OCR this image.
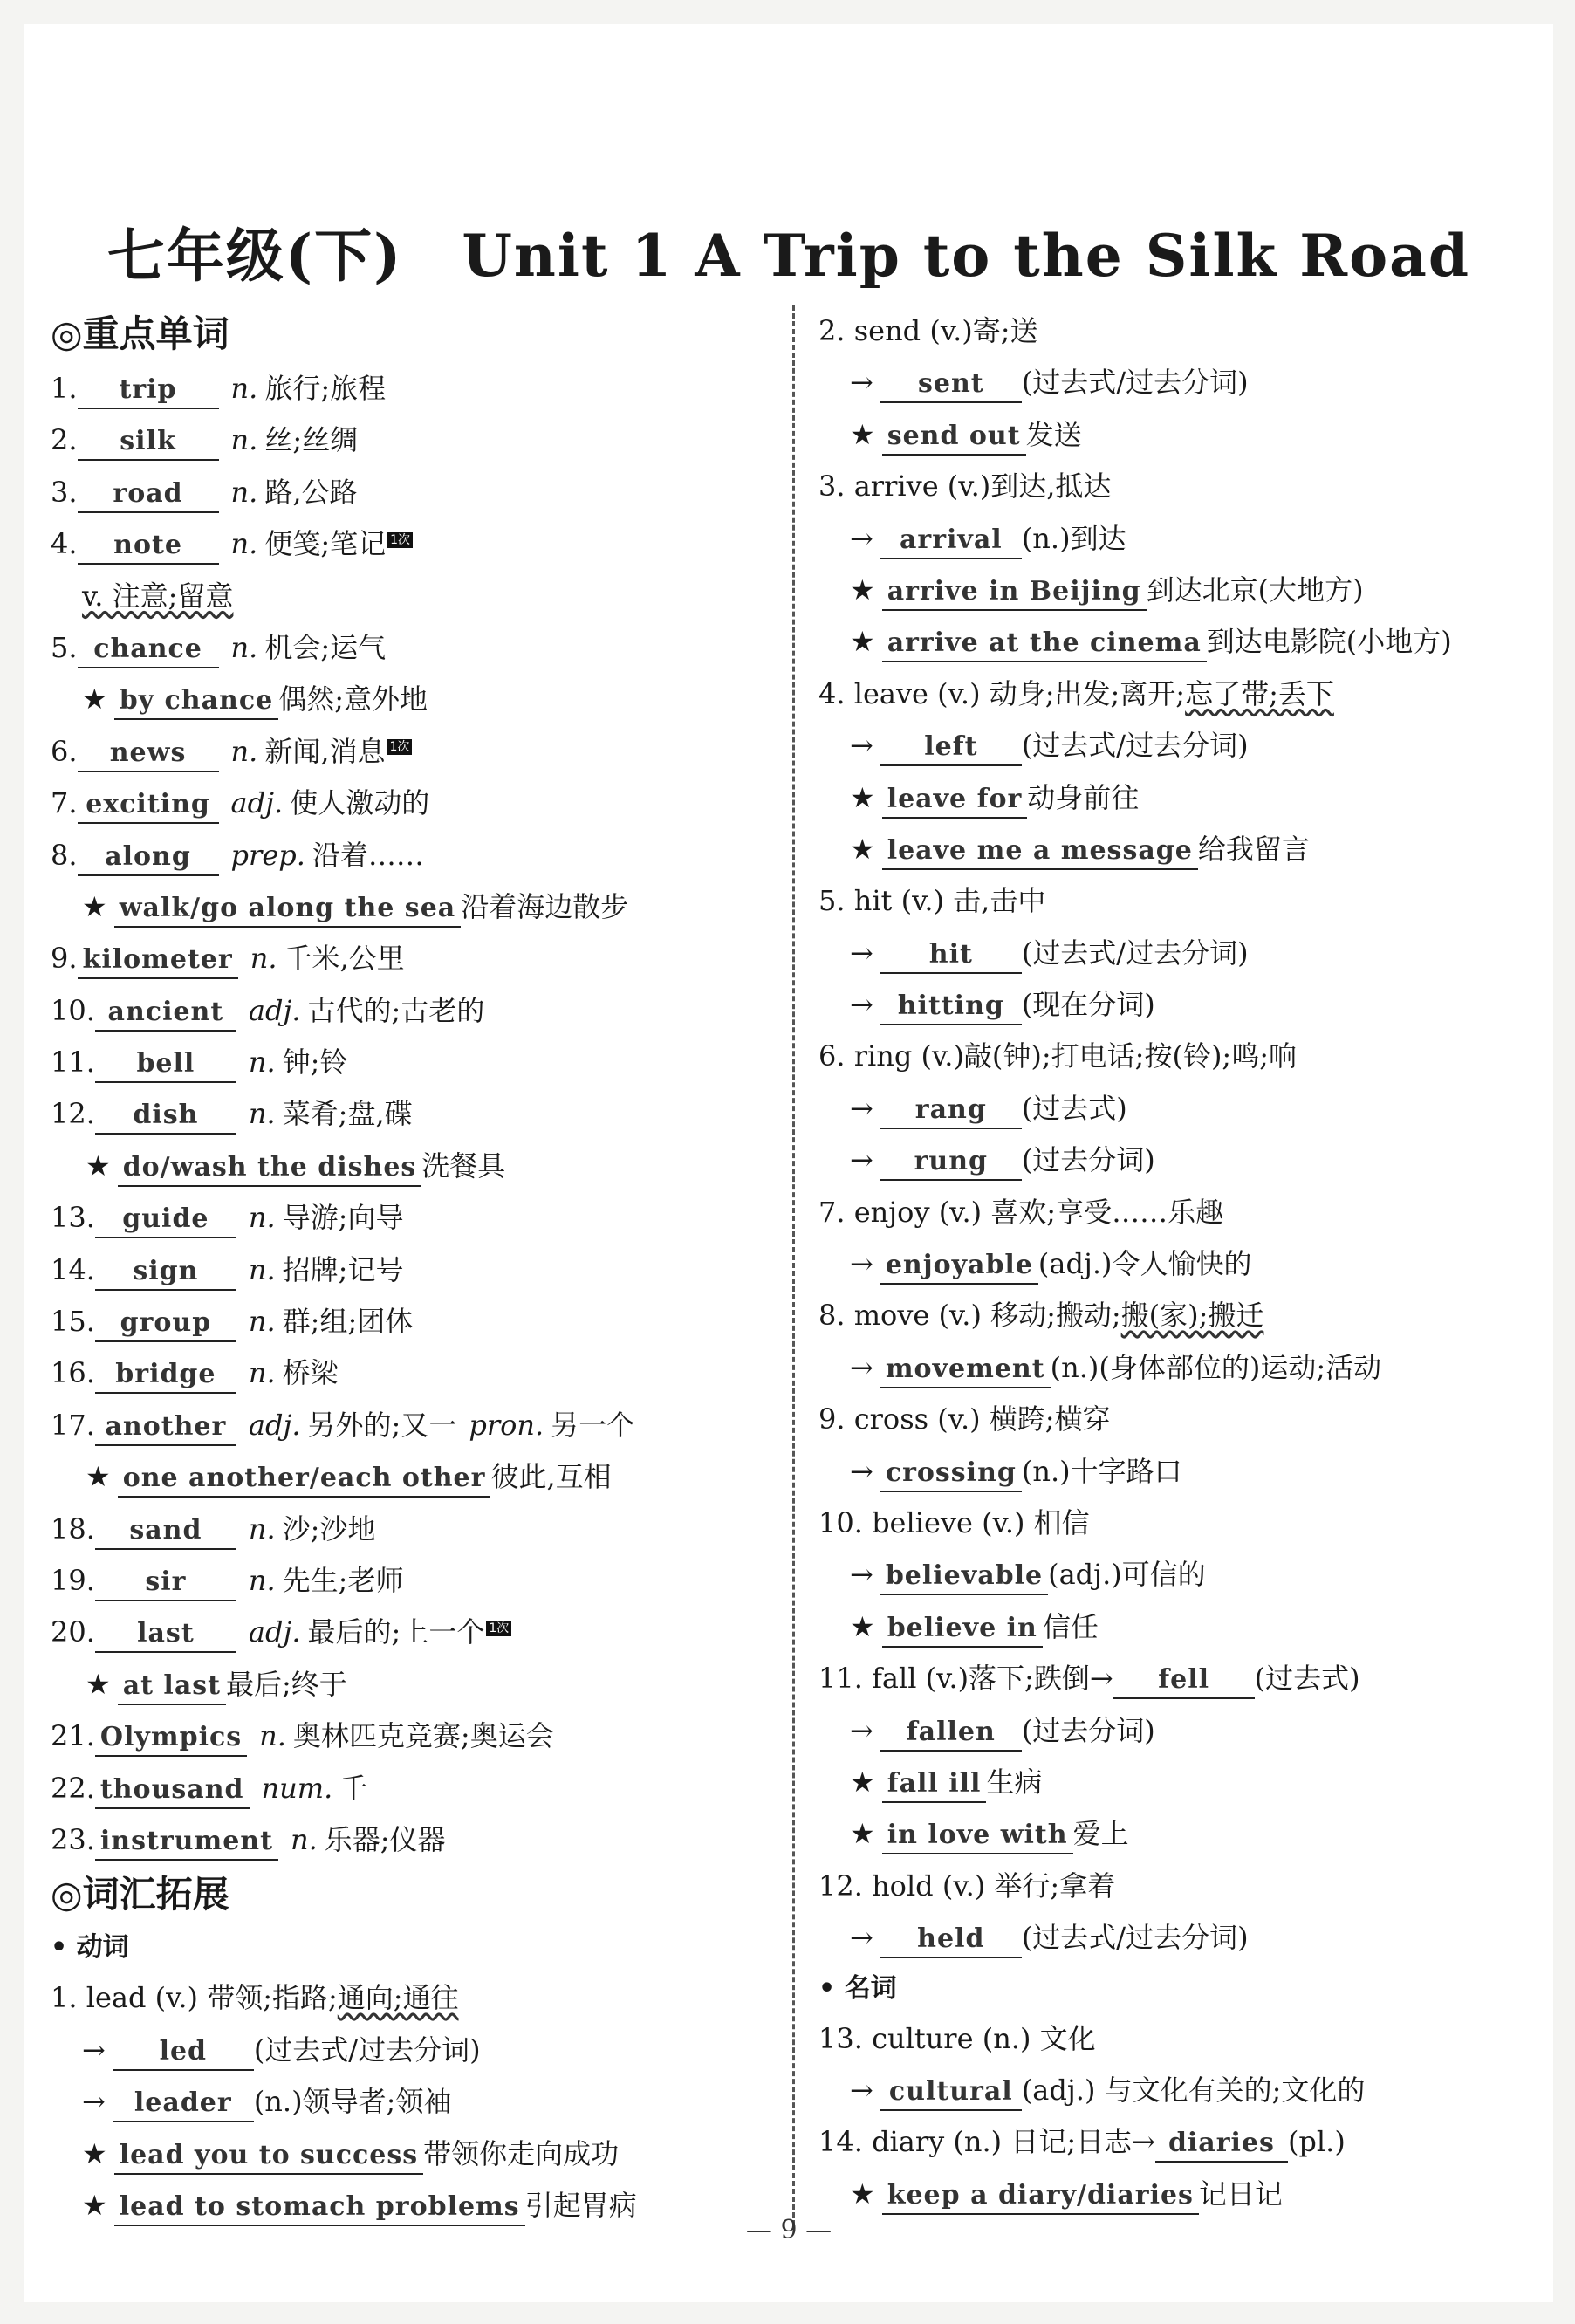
七年级(下)　Unit 1 A Trip to the Silk Road
◎重点单词
1. trip n. 旅行;旅程
2. silk n. 丝;丝绸
3. road n. 路,公路
4. note n. 便笺;笔记 1次
v. 注意;留意
5. chance n. 机会;运气
★ by chance 偶然;意外地
6. news n. 新闻,消息 1次
7. exciting adj. 使人激动的
8. along prep. 沿着……
★ walk/go along the sea 沿着海边散步
9. kilometer n. 千米,公里
10. ancient adj. 古代的;古老的
11. bell n. 钟;铃
12. dish n. 菜肴;盘,碟
★ do/wash the dishes 洗餐具
13. guide n. 导游;向导
14. sign n. 招牌;记号
15. group n. 群;组;团体
16. bridge n. 桥梁
17. another adj. 另外的;又一 pron. 另一个
★ one another/each other 彼此,互相
18. sand n. 沙;沙地
19. sir n. 先生;老师
20. last adj. 最后的;上一个 1次
★ at last 最后;终于
21. Olympics n. 奥林匹克竞赛;奥运会
22. thousand num. 千
23. instrument n. 乐器;仪器
◎词汇拓展
• 动词
1. lead (v.) 带领;指路;通向;通往
→ led (过去式/过去分词)
→ leader (n.)领导者;领袖
★ lead you to success 带领你走向成功
★ lead to stomach problems 引起胃病
2. send (v.)寄;送
→ sent (过去式/过去分词)
★ send out 发送
3. arrive (v.)到达,抵达
→ arrival (n.)到达
★ arrive in Beijing 到达北京(大地方)
★ arrive at the cinema 到达电影院(小地方)
4. leave (v.) 动身;出发;离开;忘了带;丢下
→ left (过去式/过去分词)
★ leave for 动身前往
★ leave me a message 给我留言
5. hit (v.) 击,击中
→ hit (过去式/过去分词)
→ hitting (现在分词)
6. ring (v.)敲(钟);打电话;按(铃);鸣;响
→ rang (过去式)
→ rung (过去分词)
7. enjoy (v.) 喜欢;享受……乐趣
→ enjoyable (adj.)令人愉快的
8. move (v.) 移动;搬动;搬(家);搬迁
→ movement (n.)(身体部位的)运动;活动
9. cross (v.) 横跨;横穿
→ crossing (n.)十字路口
10. believe (v.) 相信
→ believable (adj.)可信的
★ believe in 信任
11. fall (v.)落下;跌倒→ fell (过去式)
→ fallen (过去分词)
★ fall ill 生病
★ in love with 爱上
12. hold (v.) 举行;拿着
→ held (过去式/过去分词)
• 名词
13. culture (n.) 文化
→ cultural (adj.) 与文化有关的;文化的
14. diary (n.) 日记;日志→ diaries (pl.)
★ keep a diary/diaries 记日记
— 9 —
